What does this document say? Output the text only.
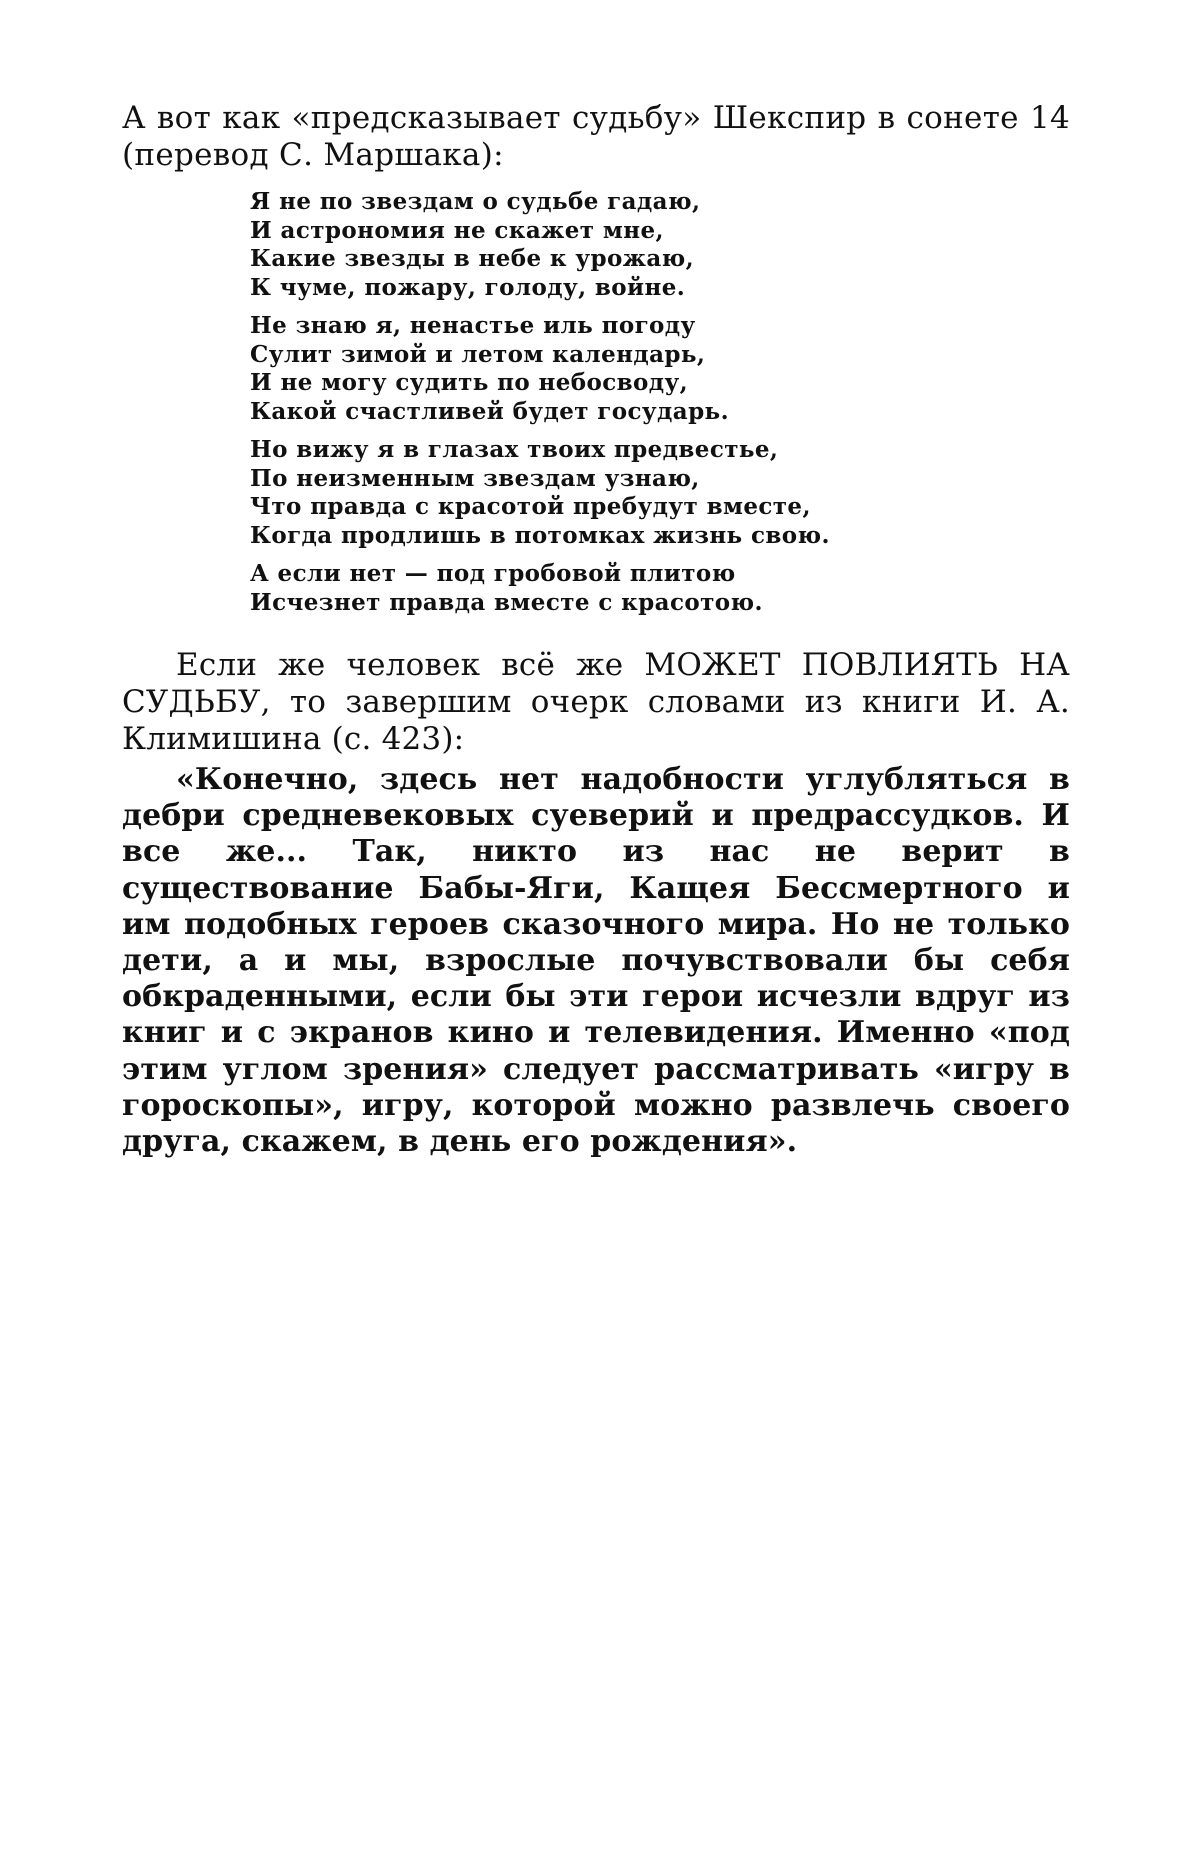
А вот как «предсказывает судьбу» Шекспир в сонете 14 (перевод С. Маршака):

Я не по звездам о судьбе гадаю,
И астрономия не скажет мне,
Какие звезды в небе к урожаю,
К чуме, пожару, голоду, войне.
Не знаю я, ненастье иль погоду
Сулит зимой и летом календарь,
И не могу судить по небосводу,
Какой счастливей будет государь.
Но вижу я в глазах твоих предвестье,
По неизменным звездам узнаю,
Что правда с красотой пребудут вместе,
Когда продлишь в потомках жизнь свою.
А если нет — под гробовой плитою
Исчезнет правда вместе с красотою.

Если же человек всё же МОЖЕТ ПОВЛИЯТЬ НА СУДЬБУ, то завершим очерк словами из книги И. А. Климишина (с. 423):

«Конечно, здесь нет надобности углубляться в дебри средневековых суеверий и предрассудков. И все же... Так, никто из нас не верит в существование Бабы-Яги, Кащея Бессмертного и им подобных героев сказочного мира. Но не только дети, а и мы, взрослые почувствовали бы себя обкраденными, если бы эти герои исчезли вдруг из книг и с экранов кино и телевидения. Именно «под этим углом зрения» следует рассматривать «игру в гороскопы», игру, которой можно развлечь своего друга, скажем, в день его рождения».
